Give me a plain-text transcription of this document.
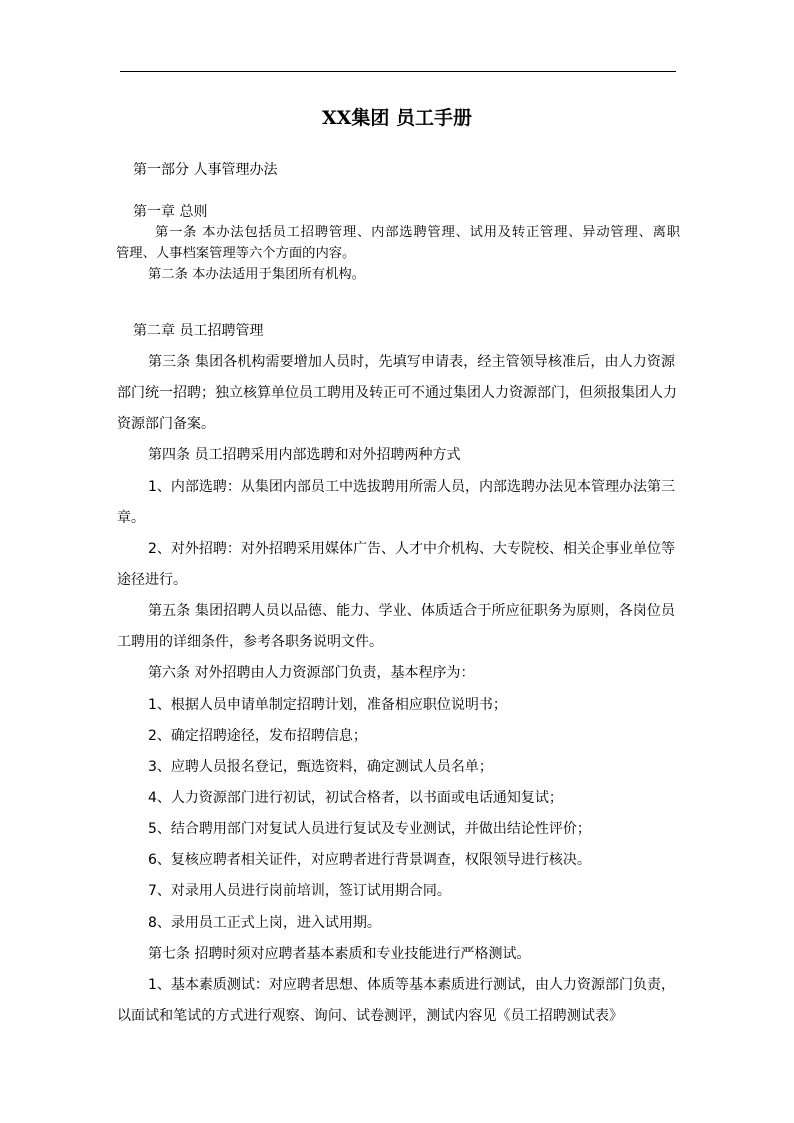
XX集团 员工手册
第一部分 人事管理办法
第一章 总则
第一条 本办法包括员工招聘管理、内部选聘管理、试用及转正管理、异动管理、离职
管理、人事档案管理等六个方面的内容。
第二条 本办法适用于集团所有机构。
第二章 员工招聘管理
第三条 集团各机构需要增加人员时，先填写申请表，经主管领导核准后，由人力资源
部门统一招聘；独立核算单位员工聘用及转正可不通过集团人力资源部门，但须报集团人力
资源部门备案。
第四条 员工招聘采用内部选聘和对外招聘两种方式
1、内部选聘：从集团内部员工中选拔聘用所需人员，内部选聘办法见本管理办法第三
章。
2、对外招聘：对外招聘采用媒体广告、人才中介机构、大专院校、相关企事业单位等
途径进行。
第五条 集团招聘人员以品德、能力、学业、体质适合于所应征职务为原则，各岗位员
工聘用的详细条件，参考各职务说明文件。
第六条 对外招聘由人力资源部门负责，基本程序为：
1、根据人员申请单制定招聘计划，准备相应职位说明书；
2、确定招聘途径，发布招聘信息；
3、应聘人员报名登记，甄选资料，确定测试人员名单；
4、人力资源部门进行初试，初试合格者，以书面或电话通知复试；
5、结合聘用部门对复试人员进行复试及专业测试，并做出结论性评价；
6、复核应聘者相关证件，对应聘者进行背景调查，权限领导进行核决。
7、对录用人员进行岗前培训，签订试用期合同。
8、录用员工正式上岗，进入试用期。
第七条 招聘时须对应聘者基本素质和专业技能进行严格测试。
1、基本素质测试：对应聘者思想、体质等基本素质进行测试，由人力资源部门负责，
以面试和笔试的方式进行观察、询问、试卷测评，测试内容见《员工招聘测试表》
